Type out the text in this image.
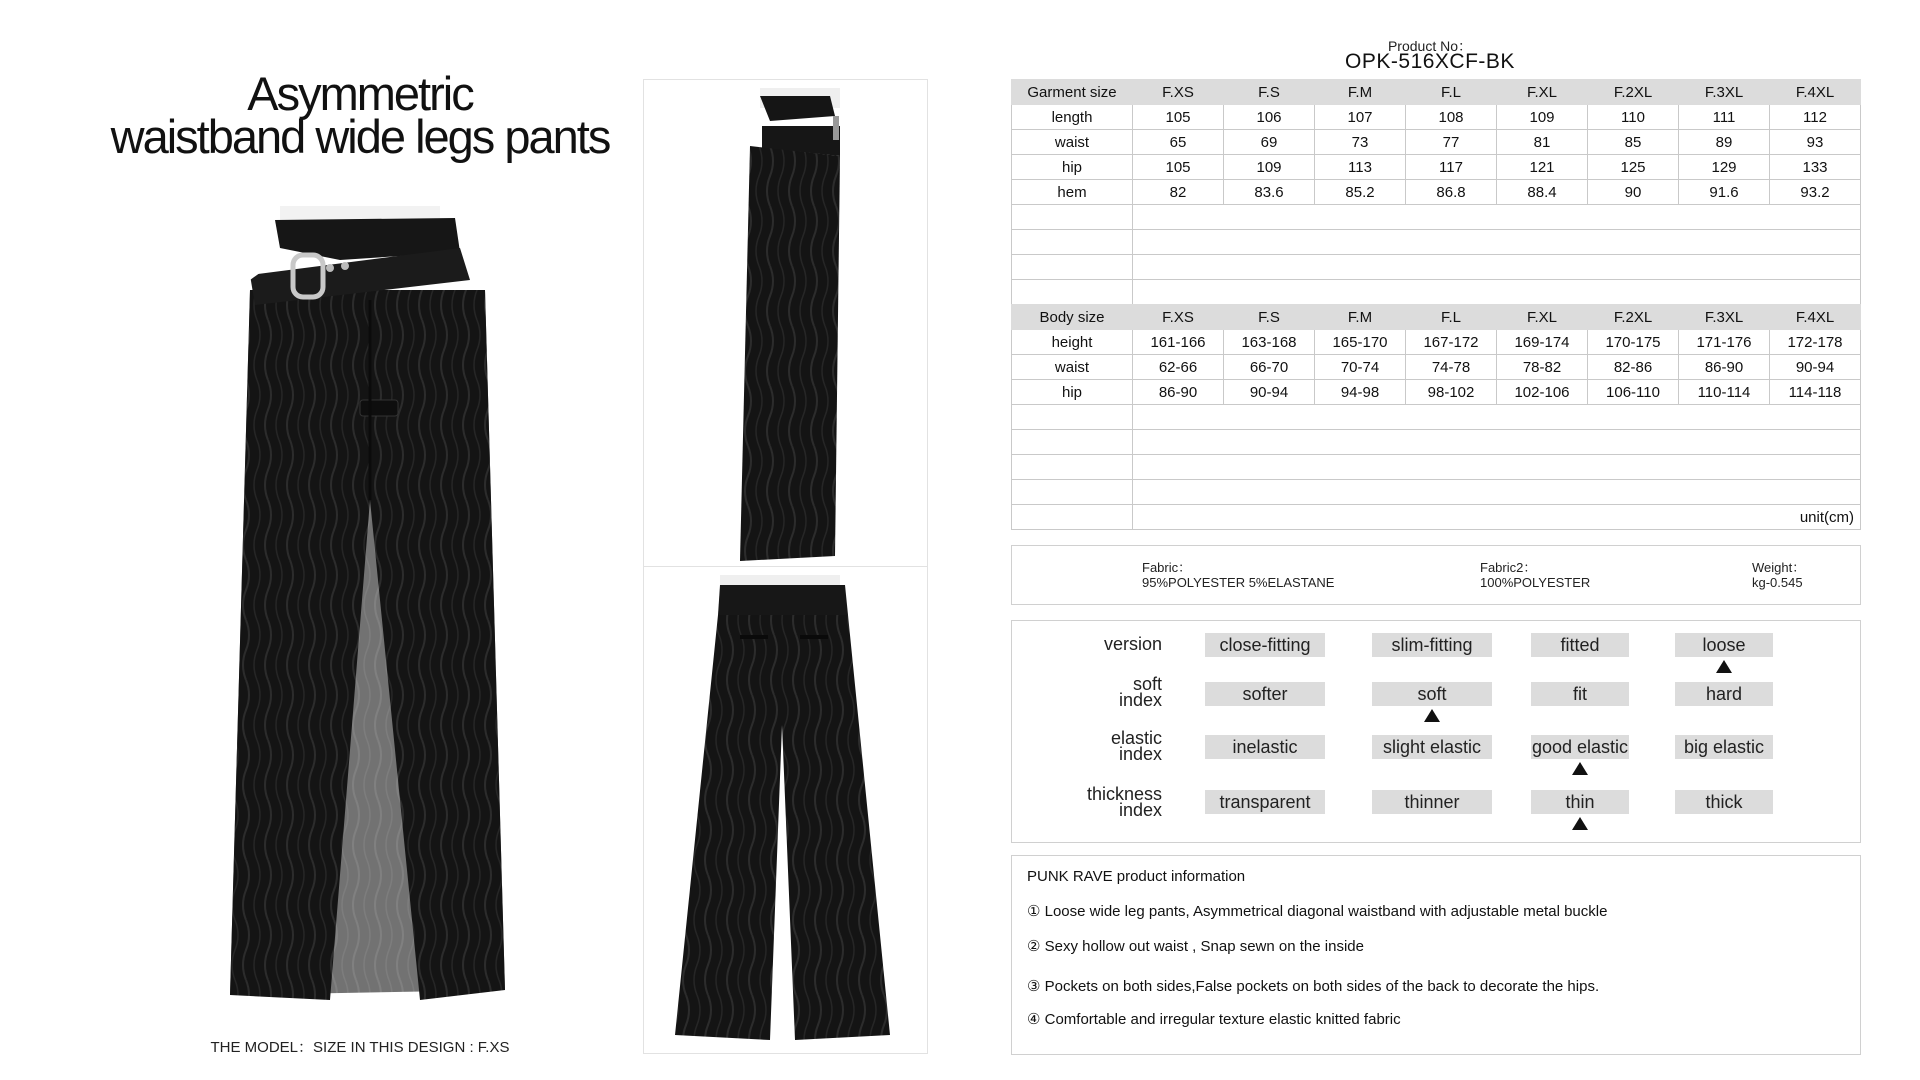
Asymmetric
waistband wide legs pants
THE MODEL：SIZE IN THIS DESIGN : F.XS
Product No：
OPK-516XCF-BK
Garment size	F.XS	F.S	F.M	F.L	F.XL	F.2XL	F.3XL	F.4XL
length	105	106	107	108	109	110	111	112
waist	65	69	73	77	81	85	89	93
hip	105	109	113	117	121	125	129	133
hem	82	83.6	85.2	86.8	88.4	90	91.6	93.2

Body size	F.XS	F.S	F.M	F.L	F.XL	F.2XL	F.3XL	F.4XL
height	161-166	163-168	165-170	167-172	169-174	170-175	171-176	172-178
waist	62-66	66-70	70-74	74-78	78-82	82-86	86-90	90-94
hip	86-90	90-94	94-98	98-102	102-106	106-110	110-114	114-118

	unit(cm)							
Fabric：
95%POLYESTER 5%ELASTANE
Fabric2：
100%POLYESTER
Weight：
kg-0.545
version	close-fitting	slim-fitting	fitted	loose
soft
index	softer	soft	fit	hard
elastic
index	inelastic	slight elastic	good elastic	big elastic
thickness
index	transparent	thinner	thin	thick
PUNK RAVE product information
① Loose wide leg pants, Asymmetrical diagonal waistband with adjustable metal buckle
② Sexy hollow out waist , Snap sewn on the inside
③ Pockets on both sides,False pockets on both sides of the back to decorate the hips.
④ Comfortable and irregular texture elastic knitted fabric
